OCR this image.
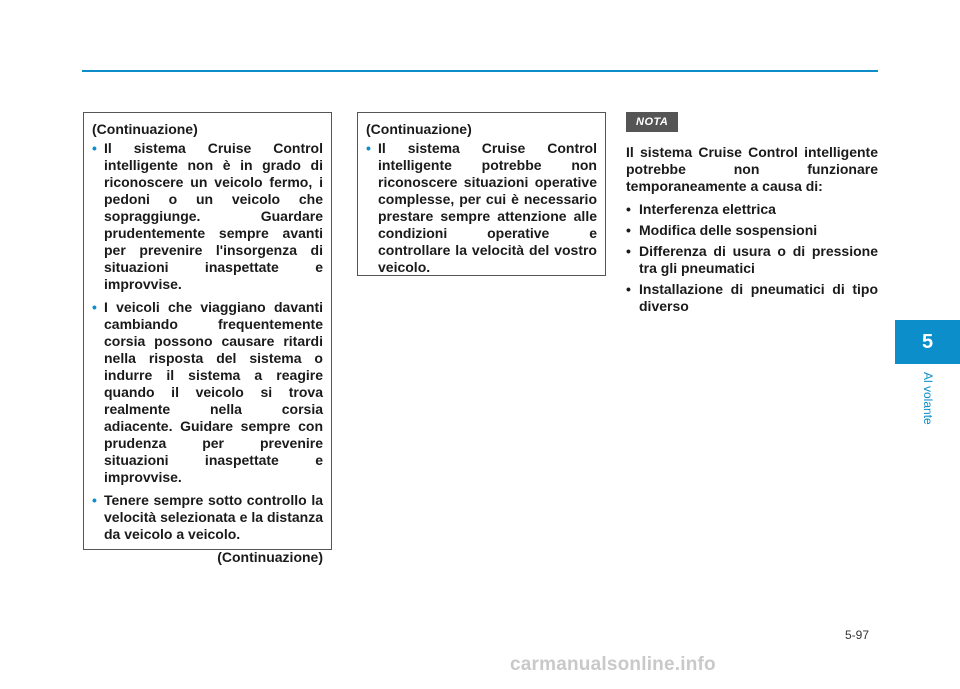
(Continuazione)
• Il sistema Cruise Control intelligente non è in grado di riconoscere un veicolo fermo, i pedoni o un veicolo che sopraggiunge. Guardare prudentemente sempre avanti per prevenire l'insorgenza di situazioni inaspettate e improvvise.
• I veicoli che viaggiano davanti cambiando frequentemente corsia possono causare ritardi nella risposta del sistema o indurre il sistema a reagire quando il veicolo si trova realmente nella corsia adiacente. Guidare sempre con prudenza per prevenire situazioni inaspettate e improvvise.
• Tenere sempre sotto controllo la velocità selezionata e la distanza da veicolo a veicolo.
(Continuazione)
(Continuazione)
• Il sistema Cruise Control intelligente potrebbe non riconoscere situazioni operative complesse, per cui è necessario prestare sempre attenzione alle condizioni operative e controllare la velocità del vostro veicolo.
NOTA

Il sistema Cruise Control intelligente potrebbe non funzionare temporaneamente a causa di:

• Interferenza elettrica
• Modifica delle sospensioni
• Differenza di usura o di pressione tra gli pneumatici
• Installazione di pneumatici di tipo diverso
5
Al volante
5-97
carmanualsonline.info
